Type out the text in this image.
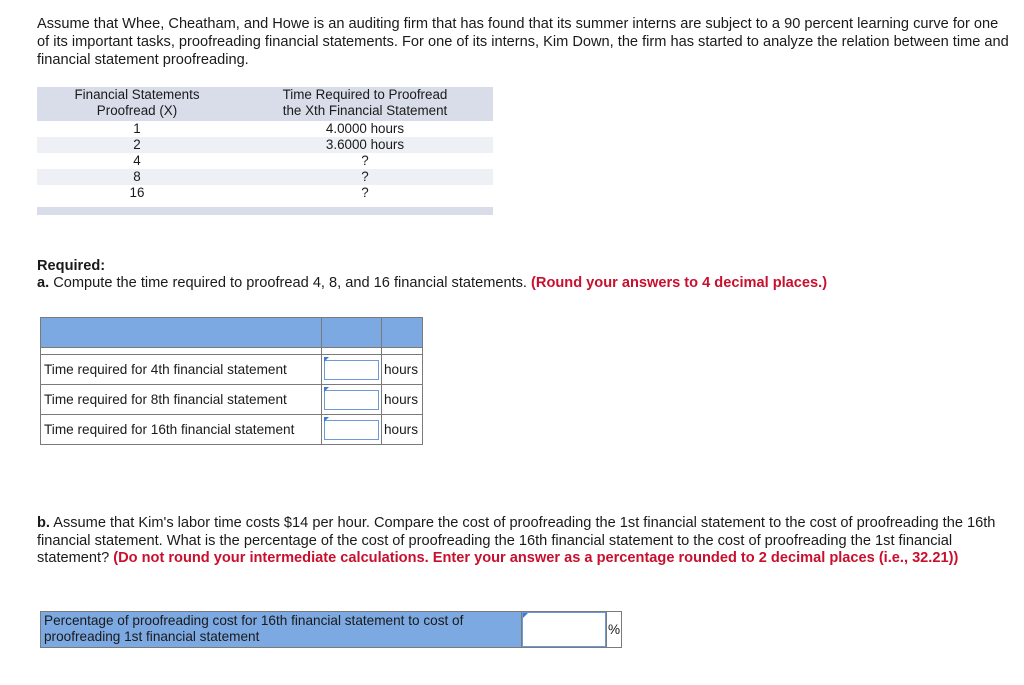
Assume that Whee, Cheatham, and Howe is an auditing firm that has found that its summer interns are subject to a 90 percent learning curve for one of its important tasks, proofreading financial statements. For one of its interns, Kim Down, the firm has started to analyze the relation between time and financial statement proofreading.

Financial Statements
Proofread (X)	Time Required to Proofread
the Xth Financial Statement
1	4.0000 hours
2	3.6000 hours
4	?
8	?
16	?

Required:
a. Compute the time required to proofread 4, 8, and 16 financial statements. (Round your answers to 4 decimal places.)

Time required for 4th financial statement		hours
Time required for 8th financial statement		hours
Time required for 16th financial statement		hours

b. Assume that Kim's labor time costs $14 per hour. Compare the cost of proofreading the 1st financial statement to the cost of proofreading the 16th financial statement. What is the percentage of the cost of proofreading the 16th financial statement to the cost of proofreading the 1st financial statement? (Do not round your intermediate calculations. Enter your answer as a percentage rounded to 2 decimal places (i.e., 32.21))

Percentage of proofreading cost for 16th financial statement to cost of proofreading 1st financial statement		%
